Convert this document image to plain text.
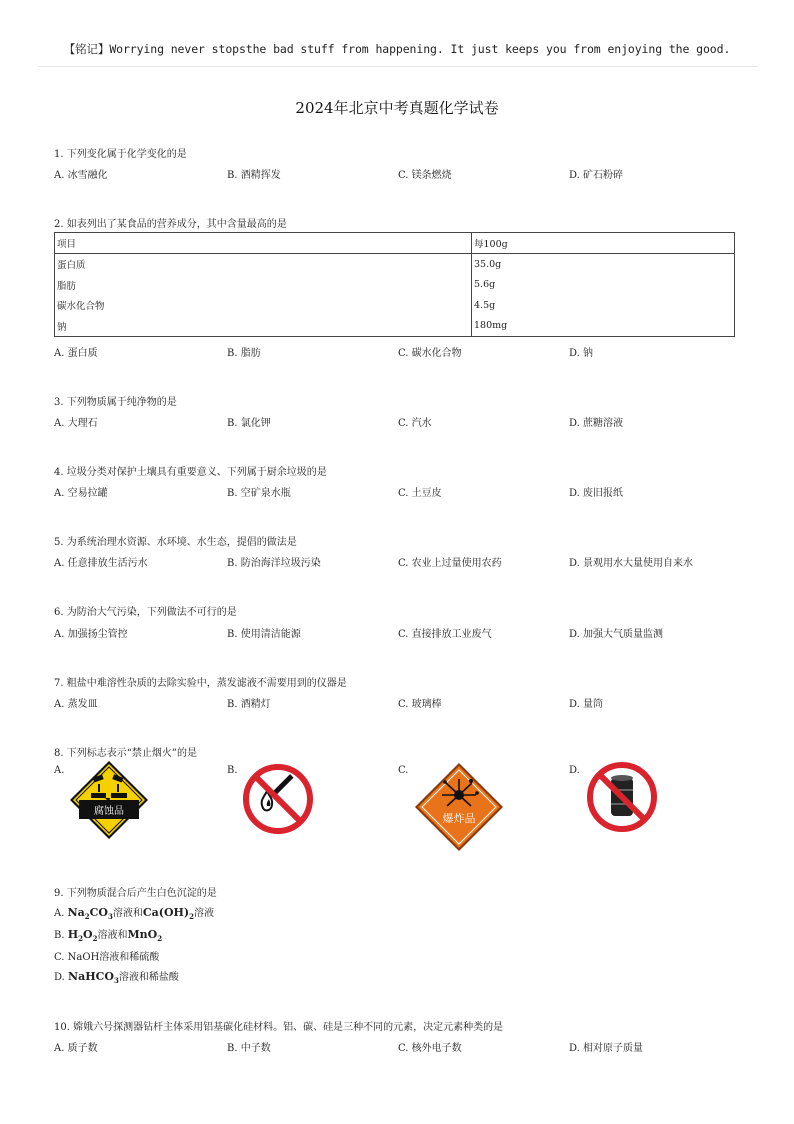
【铭记】Worrying never stopsthe bad stuff from happening. It just keeps you from enjoying the good.
2024年北京中考真题化学试卷
1. 下列变化属于化学变化的是
A. 冰雪融化	B. 酒精挥发	C. 镁条燃烧	D. 矿石粉碎
2. 如表列出了某食品的营养成分，其中含量最高的是
项目	每100g
蛋白质	35.0g
脂肪	5.6g
碳水化合物	4.5g
钠	180mg
A. 蛋白质	B. 脂肪	C. 碳水化合物	D. 钠
3. 下列物质属于纯净物的是
A. 大理石	B. 氯化钾	C. 汽水	D. 蔗糖溶液
4. 垃圾分类对保护土壤具有重要意义、下列属于厨余垃圾的是
A. 空易拉罐	B. 空矿泉水瓶	C. 土豆皮	D. 废旧报纸
5. 为系统治理水资源、水环境、水生态，提倡的做法是
A. 任意排放生活污水	B. 防治海洋垃圾污染	C. 农业上过量使用农药	D. 景观用水大量使用自来水
6. 为防治大气污染，下列做法不可行的是
A. 加强扬尘管控	B. 使用清洁能源	C. 直接排放工业废气	D. 加强大气质量监测
7. 粗盐中难溶性杂质的去除实验中，蒸发滤液不需要用到的仪器是
A. 蒸发皿	B. 酒精灯	C. 玻璃棒	D. 量筒
8. 下列标志表示“禁止烟火”的是
A.	B.	C.	D.
腐蚀品
爆炸品
9. 下列物质混合后产生白色沉淀的是
A. $Na_2CO_3$溶液和$Ca(OH)_2$溶液
B. $H_2O_2$溶液和MnO$_2$
C. NaOH溶液和稀硫酸
D. NaHCO$_3$溶液和稀盐酸
10. 嫦娥六号探测器钻杆主体采用铝基碳化硅材料。铝、碳、硅是三种不同的元素，决定元素种类的是
A. 质子数	B. 中子数	C. 核外电子数	D. 相对原子质量
